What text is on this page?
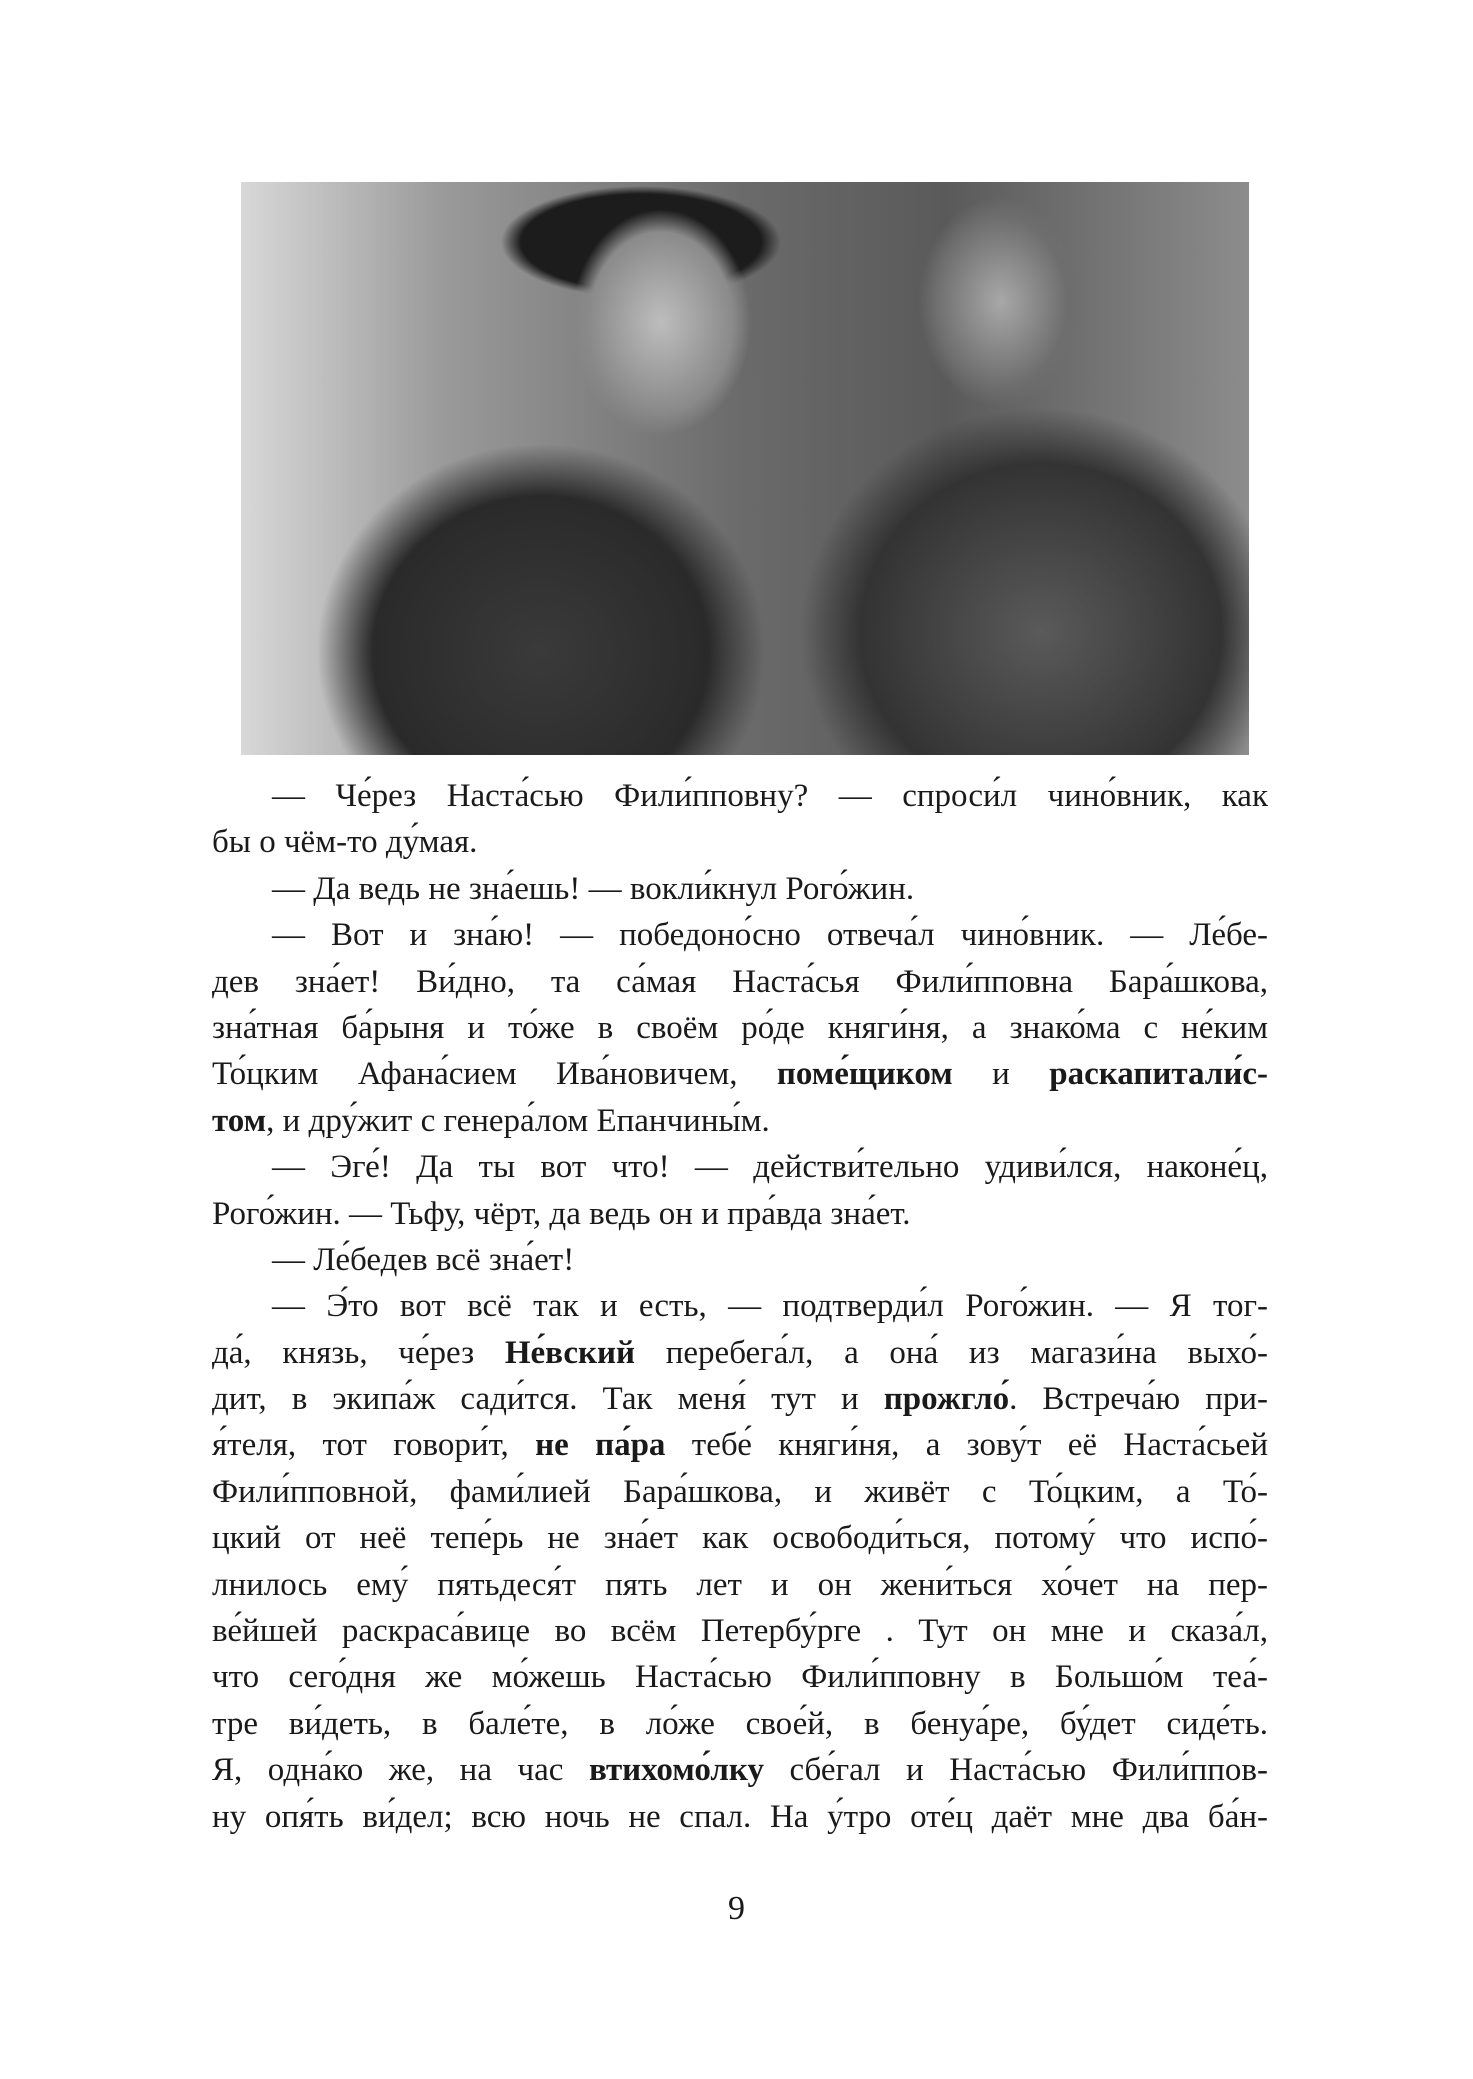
— Че́рез Наста́сью Фили́пповну? — спроси́л чино́вник, как
бы о чём-то ду́мая.
— Да ведь не зна́ешь! — вокли́кнул Рого́жин.
— Вот и зна́ю! — победоно́сно отвеча́л чино́вник. — Ле́бе-
дев зна́ет! Ви́дно, та са́мая Наста́сья Фили́пповна Бара́шкова,
зна́тная ба́рыня и то́же в своём ро́де княги́ня, а знако́ма с не́ким
То́цким Афана́сием Ива́новичем, поме́щиком и раскапитали́с-
том, и дру́жит с генера́лом Епанчины́м.
— Эге́! Да ты вот что! — действи́тельно удиви́лся, наконе́ц,
Рого́жин. — Тьфу, чёрт, да ведь он и пра́вда зна́ет.
— Ле́бедев всё зна́ет!
— Э́то вот всё так и есть, — подтверди́л Рого́жин. — Я тог-
да́, князь, че́рез Не́вский перебега́л, а она́ из магази́на выхо́-
дит, в экипа́ж сади́тся. Так меня́ тут и прожгло́. Встреча́ю при-
я́теля, тот говори́т, не па́ра тебе́ княги́ня, а зову́т её Наста́сьей
Фили́пповной, фами́лией Бара́шкова, и живёт с То́цким, а То́-
цкий от неё тепе́рь не зна́ет как освободи́ться, потому́ что испо́-
лнилось ему́ пятьдеся́т пять лет и он жени́ться хо́чет на пер-
ве́йшей раскраса́вице во всём Петербу́рге . Тут он мне и сказа́л,
что сего́дня же мо́жешь Наста́сью Фили́пповну в Большо́м теа́-
тре ви́деть, в бале́те, в ло́же свое́й, в бенуа́ре, бу́дет сиде́ть.
Я, одна́ко же, на час втихомо́лку сбе́гал и Наста́сью Фили́ппов-
ну опя́ть ви́дел; всю ночь не спал. На у́тро оте́ц даёт мне два ба́н-
9
